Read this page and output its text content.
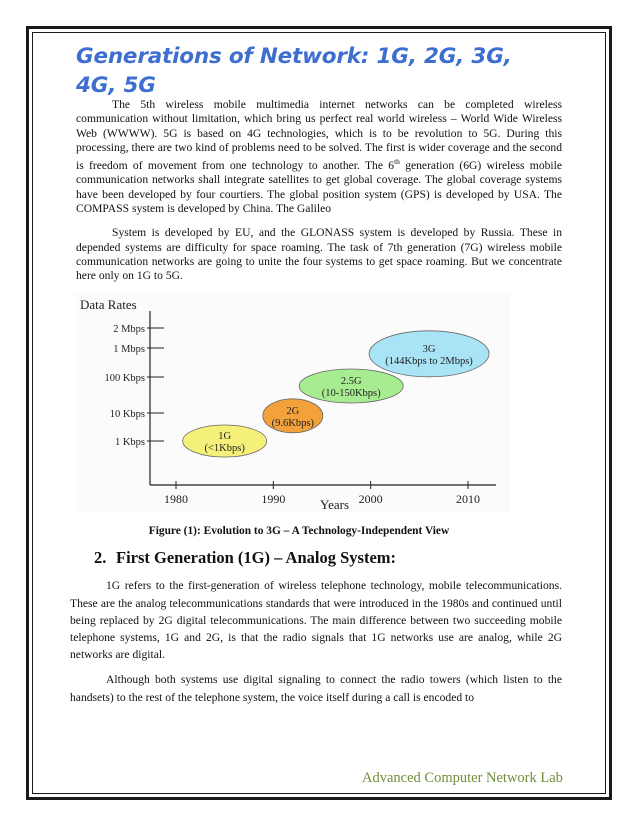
Generations of Network: 1G, 2G, 3G,
4G, 5G

The 5th wireless mobile multimedia internet networks can be completed wireless communication without limitation, which bring us perfect real world wireless – World Wide Wireless Web (WWWW). 5G is based on 4G technologies, which is to be revolution to 5G. During this processing, there are two kind of problems need to be solved. The first is wider coverage and the second is freedom of movement from one technology to another. The 6th generation (6G) wireless mobile communication networks shall integrate satellites to get global coverage. The global coverage systems have been developed by four courtiers. The global position system (GPS) is developed by USA. The COMPASS system is developed by China. The Galileo

System is developed by EU, and the GLONASS system is developed by Russia. These in depended systems are difficulty for space roaming. The task of 7th generation (7G) wireless mobile communication networks are going to unite the four systems to get space roaming. But we concentrate here only on 1G to 5G.

Data Rates
Years
2 Mbps
1 Mbps
100 Kbps
10 Kbps
1 Kbps
1980	1990	2000	2010
1G
(<1Kbps)
2G
(9.6Kbps)
2.5G
(10-150Kbps)
3G
(144Kbps to 2Mbps)
Figure (1): Evolution to 3G – A Technology-Independent View
2. First Generation (1G) – Analog System:

1G refers to the first-generation of wireless telephone technology, mobile telecommunications. These are the analog telecommunications standards that were introduced in the 1980s and continued until being replaced by 2G digital telecommunications. The main difference between two succeeding mobile telephone systems, 1G and 2G, is that the radio signals that 1G networks use are analog, while 2G networks are digital.

Although both systems use digital signaling to connect the radio towers (which listen to the handsets) to the rest of the telephone system, the voice itself during a call is encoded to

Advanced Computer Network Lab
